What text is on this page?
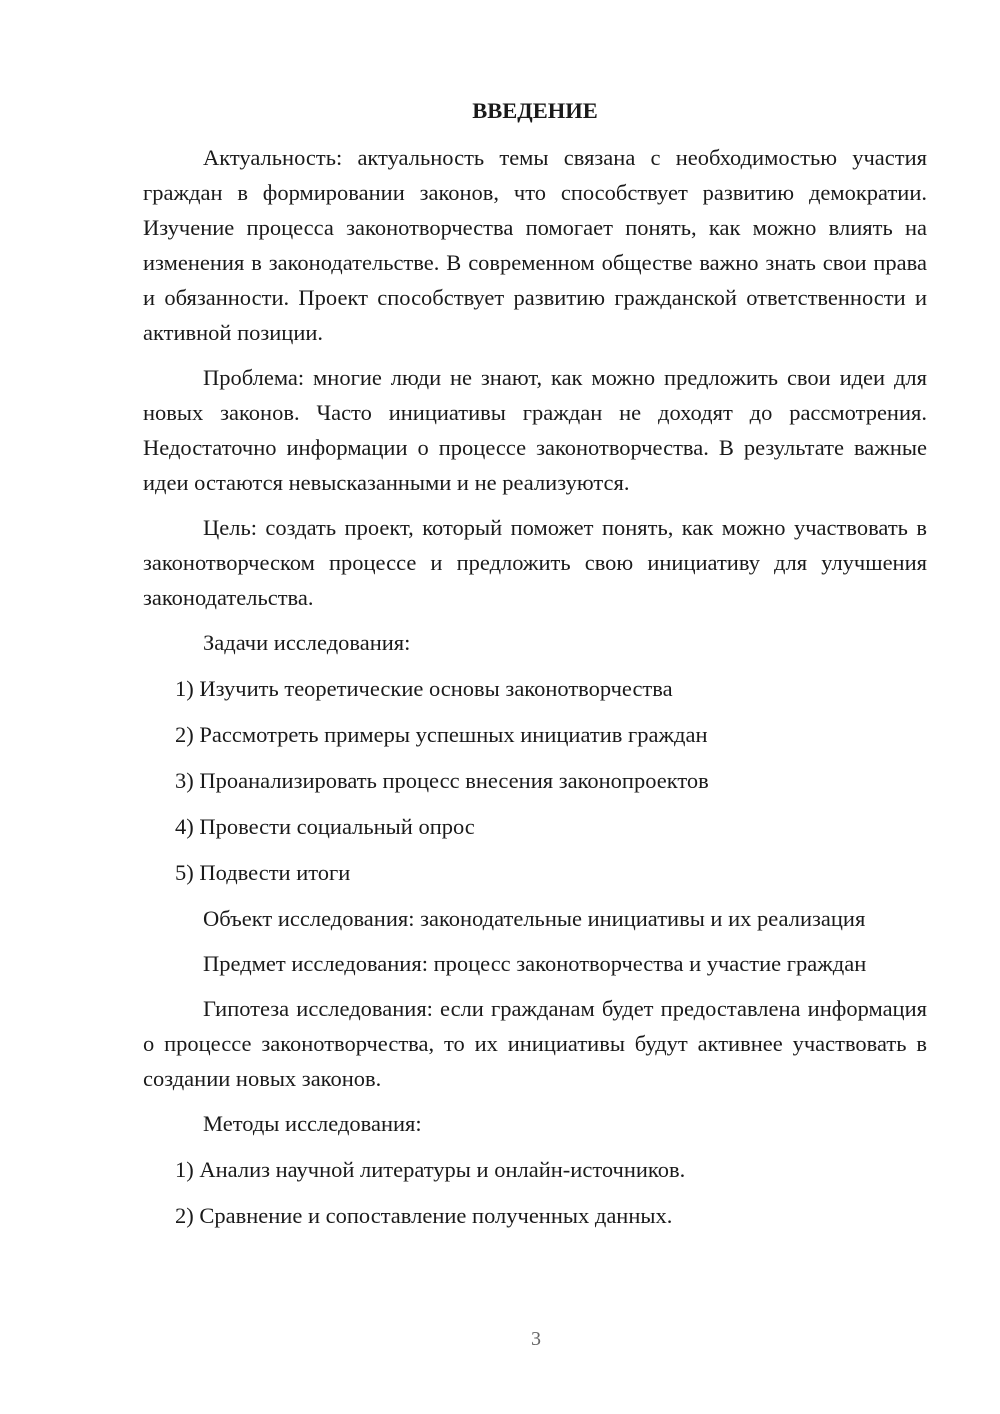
ВВЕДЕНИЕ

Актуальность: актуальность темы связана с необходимостью участия граждан в формировании законов, что способствует развитию демократии. Изучение процесса законотворчества помогает понять, как можно влиять на изменения в законодательстве. В современном обществе важно знать свои права и обязанности. Проект способствует развитию гражданской ответственности и активной позиции.

Проблема: многие люди не знают, как можно предложить свои идеи для новых законов. Часто инициативы граждан не доходят до рассмотрения. Недостаточно информации о процессе законотворчества. В результате важные идеи остаются невысказанными и не реализуются.

Цель: создать проект, который поможет понять, как можно участвовать в законотворческом процессе и предложить свою инициативу для улучшения законодательства.

Задачи исследования:
1) Изучить теоретические основы законотворчества
2) Рассмотреть примеры успешных инициатив граждан
3) Проанализировать процесс внесения законопроектов
4) Провести социальный опрос
5) Подвести итоги

Объект исследования: законодательные инициативы и их реализация

Предмет исследования: процесс законотворчества и участие граждан

Гипотеза исследования: если гражданам будет предоставлена информация о процессе законотворчества, то их инициативы будут активнее участвовать в создании новых законов.

Методы исследования:
1) Анализ научной литературы и онлайн-источников.
2) Сравнение и сопоставление полученных данных.
3
